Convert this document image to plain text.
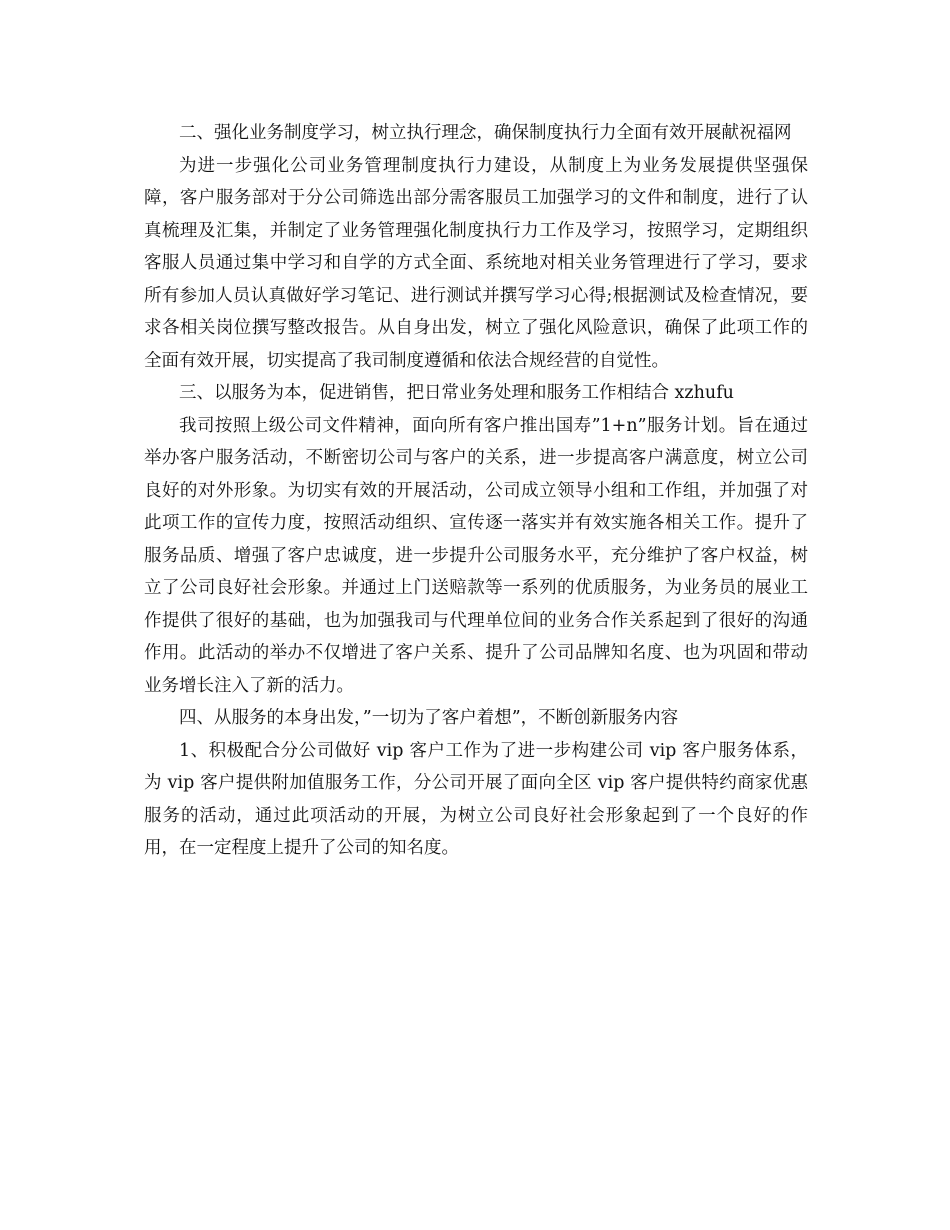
二、强化业务制度学习，树立执行理念，确保制度执行力全面有效开展献祝福网

为进一步强化公司业务管理制度执行力建设，从制度上为业务发展提供坚强保障，客户服务部对于分公司筛选出部分需客服员工加强学习的文件和制度，进行了认真梳理及汇集，并制定了业务管理强化制度执行力工作及学习，按照学习，定期组织客服人员通过集中学习和自学的方式全面、系统地对相关业务管理进行了学习，要求所有参加人员认真做好学习笔记、进行测试并撰写学习心得;根据测试及检查情况，要求各相关岗位撰写整改报告。从自身出发，树立了强化风险意识，确保了此项工作的全面有效开展，切实提高了我司制度遵循和依法合规经营的自觉性。

三、以服务为本，促进销售，把日常业务处理和服务工作相结合 xzhufu

我司按照上级公司文件精神，面向所有客户推出国寿”1+n”服务计划。旨在通过举办客户服务活动，不断密切公司与客户的关系，进一步提高客户满意度，树立公司良好的对外形象。为切实有效的开展活动，公司成立领导小组和工作组，并加强了对此项工作的宣传力度，按照活动组织、宣传逐一落实并有效实施各相关工作。提升了服务品质、增强了客户忠诚度，进一步提升公司服务水平，充分维护了客户权益，树立了公司良好社会形象。并通过上门送赔款等一系列的优质服务，为业务员的展业工作提供了很好的基础，也为加强我司与代理单位间的业务合作关系起到了很好的沟通作用。此活动的举办不仅增进了客户关系、提升了公司品牌知名度、也为巩固和带动业务增长注入了新的活力。

四、从服务的本身出发，”一切为了客户着想”，不断创新服务内容

1、积极配合分公司做好 vip 客户工作为了进一步构建公司 vip 客户服务体系，为 vip 客户提供附加值服务工作，分公司开展了面向全区 vip 客户提供特约商家优惠服务的活动，通过此项活动的开展，为树立公司良好社会形象起到了一个良好的作用，在一定程度上提升了公司的知名度。
